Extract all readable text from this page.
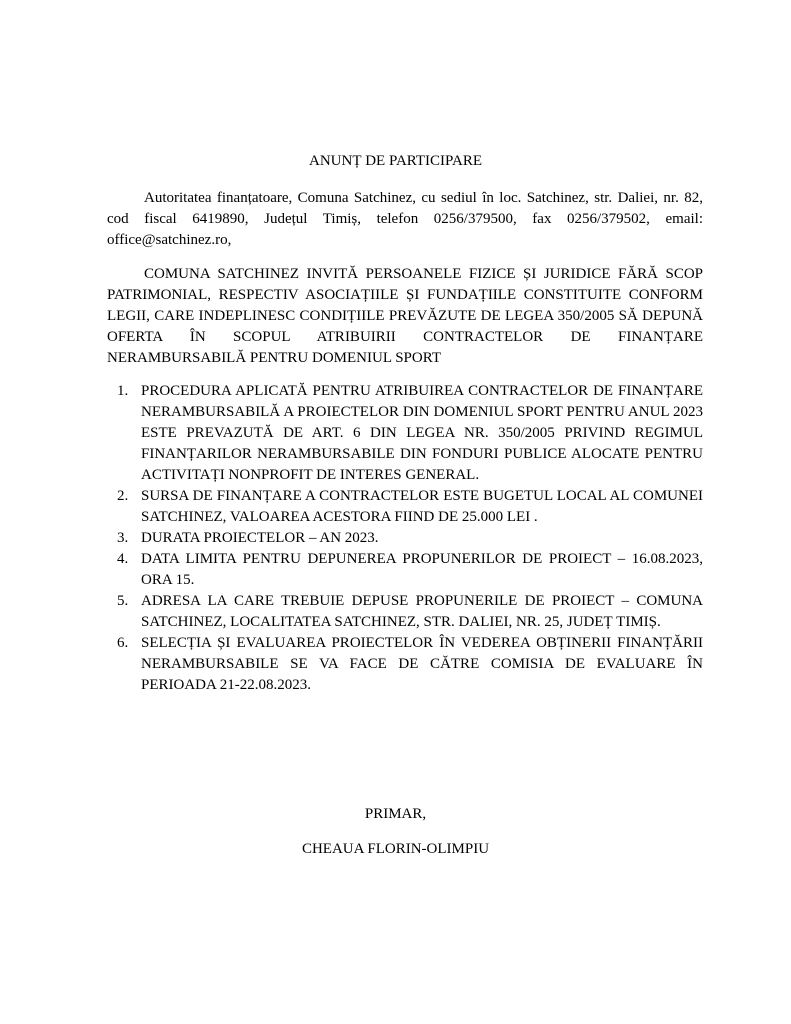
ANUNȚ DE PARTICIPARE

Autoritatea finanțatoare, Comuna Satchinez, cu sediul în loc. Satchinez, str. Daliei, nr. 82, cod fiscal 6419890, Județul Timiș, telefon 0256/379500, fax 0256/379502, email: office@satchinez.ro,

COMUNA SATCHINEZ INVITĂ PERSOANELE FIZICE ȘI JURIDICE FĂRĂ SCOP PATRIMONIAL, RESPECTIV ASOCIAȚIILE ȘI FUNDAȚIILE CONSTITUITE CONFORM LEGII, CARE INDEPLINESC CONDIȚIILE PREVĂZUTE DE LEGEA 350/2005 SĂ DEPUNĂ OFERTA ÎN SCOPUL ATRIBUIRII CONTRACTELOR DE FINANȚARE NERAMBURSABILĂ PENTRU DOMENIUL SPORT

1. PROCEDURA APLICATĂ PENTRU ATRIBUIREA CONTRACTELOR DE FINANȚARE NERAMBURSABILĂ A PROIECTELOR DIN DOMENIUL SPORT PENTRU ANUL 2023 ESTE PREVAZUTĂ DE ART. 6 DIN LEGEA NR. 350/2005 PRIVIND REGIMUL FINANȚARILOR NERAMBURSABILE DIN FONDURI PUBLICE ALOCATE PENTRU ACTIVITAȚI NONPROFIT DE INTERES GENERAL.
2. SURSA DE FINANȚARE A CONTRACTELOR ESTE BUGETUL LOCAL AL COMUNEI SATCHINEZ, VALOAREA ACESTORA FIIND DE 25.000 LEI .
3. DURATA PROIECTELOR – AN 2023.
4. DATA LIMITA PENTRU DEPUNEREA PROPUNERILOR DE PROIECT – 16.08.2023, ORA 15.
5. ADRESA LA CARE TREBUIE DEPUSE PROPUNERILE DE PROIECT – COMUNA SATCHINEZ, LOCALITATEA SATCHINEZ, STR. DALIEI, NR. 25, JUDEȚ TIMIȘ.
6. SELECȚIA ȘI EVALUAREA PROIECTELOR ÎN VEDEREA OBȚINERII FINANȚĂRII NERAMBURSABILE SE VA FACE DE CĂTRE COMISIA DE EVALUARE ÎN PERIOADA 21-22.08.2023.

PRIMAR,

CHEAUA FLORIN-OLIMPIU
